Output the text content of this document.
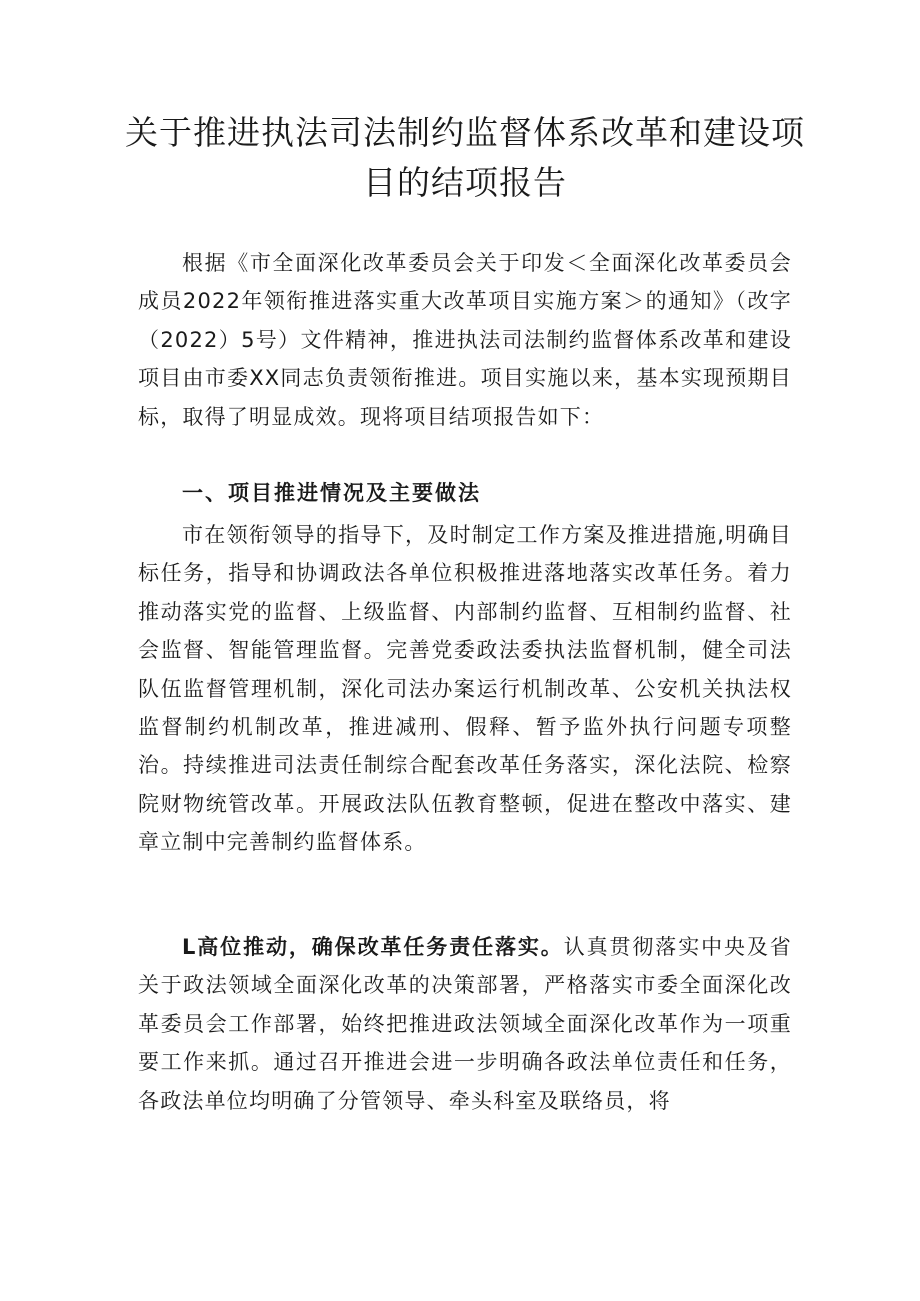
关于推进执法司法制约监督体系改革和建设项目的结项报告

根据《市全面深化改革委员会关于印发＜全面深化改革委员会成员2022年领衔推进落实重大改革项目实施方案＞的通知》（改字（2022）5号）文件精神，推进执法司法制约监督体系改革和建设项目由市委XX同志负责领衔推进。项目实施以来，基本实现预期目标，取得了明显成效。现将项目结项报告如下：

一、项目推进情况及主要做法

市在领衔领导的指导下，及时制定工作方案及推进措施,明确目标任务，指导和协调政法各单位积极推进落地落实改革任务。着力推动落实党的监督、上级监督、内部制约监督、互相制约监督、社会监督、智能管理监督。完善党委政法委执法监督机制，健全司法队伍监督管理机制，深化司法办案运行机制改革、公安机关执法权监督制约机制改革，推进减刑、假释、暂予监外执行问题专项整治。持续推进司法责任制综合配套改革任务落实，深化法院、检察院财物统管改革。开展政法队伍教育整顿，促进在整改中落实、建章立制中完善制约监督体系。

L高位推动，确保改革任务责任落实。认真贯彻落实中央及省关于政法领域全面深化改革的决策部署，严格落实市委全面深化改革委员会工作部署，始终把推进政法领域全面深化改革作为一项重要工作来抓。通过召开推进会进一步明确各政法单位责任和任务，各政法单位均明确了分管领导、牵头科室及联络员，将
